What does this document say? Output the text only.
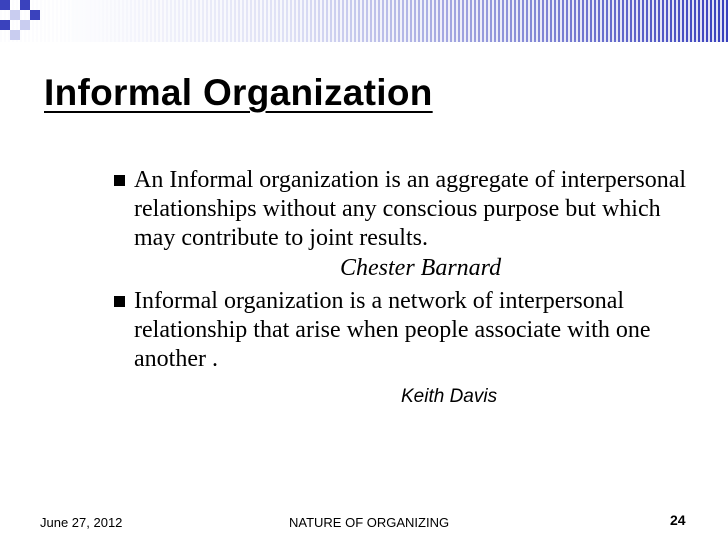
Informal Organization
An Informal organization is an aggregate of interpersonal relationships without any conscious purpose but which may contribute to joint results.
Chester Barnard
Informal organization is a network of interpersonal relationship that arise when people associate with one another .
Keith Davis
June 27, 2012	NATURE OF ORGANIZING	24
